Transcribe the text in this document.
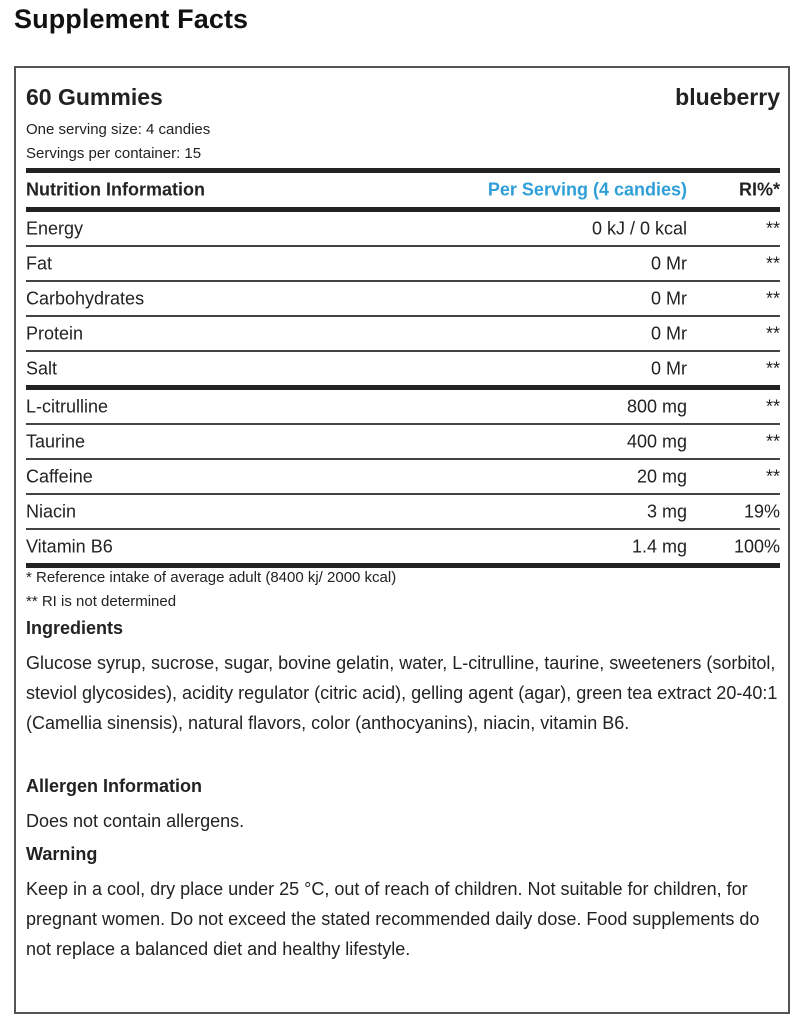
Supplement Facts
60 Gummies	blueberry
One serving size: 4 candies
Servings per container: 15
Nutrition Information	Per Serving (4 candies)	RI%*
Energy	0 kJ / 0 kcal	**
Fat	0 Mr	**
Carbohydrates	0 Mr	**
Protein	0 Mr	**
Salt	0 Mr	**
L-citrulline	800 mg	**
Taurine	400 mg	**
Caffeine	20 mg	**
Niacin	3 mg	19%
Vitamin B6	1.4 mg	100%
* Reference intake of average adult (8400 kj/ 2000 kcal)
** RI is not determined
Ingredients
Glucose syrup, sucrose, sugar, bovine gelatin, water, L-citrulline, taurine, sweeteners (sorbitol, steviol glycosides), acidity regulator (citric acid), gelling agent (agar), green tea extract 20-40:1 (Camellia sinensis), natural flavors, color (anthocyanins), niacin, vitamin B6.
Allergen Information
Does not contain allergens.
Warning
Keep in a cool, dry place under 25 °C, out of reach of children. Not suitable for children, for pregnant women. Do not exceed the stated recommended daily dose. Food supplements do not replace a balanced diet and healthy lifestyle.
